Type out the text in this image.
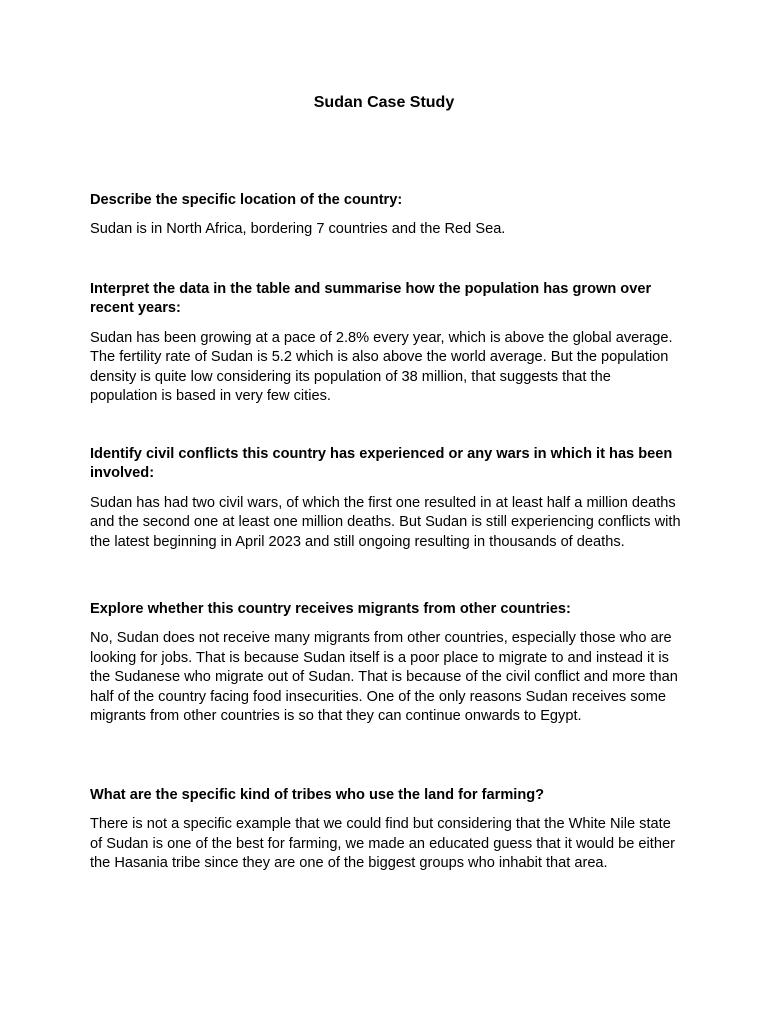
Sudan Case Study

Describe the specific location of the country:

Sudan is in North Africa, bordering 7 countries and the Red Sea.

Interpret the data in the table and summarise how the population has grown over recent years:

Sudan has been growing at a pace of 2.8% every year, which is above the global average. The fertility rate of Sudan is 5.2 which is also above the world average. But the population density is quite low considering its population of 38 million, that suggests that the population is based in very few cities.

Identify civil conflicts this country has experienced or any wars in which it has been involved:

Sudan has had two civil wars, of which the first one resulted in at least half a million deaths and the second one at least one million deaths. But Sudan is still experiencing conflicts with the latest beginning in April 2023 and still ongoing resulting in thousands of deaths.

Explore whether this country receives migrants from other countries:

No, Sudan does not receive many migrants from other countries, especially those who are looking for jobs. That is because Sudan itself is a poor place to migrate to and instead it is the Sudanese who migrate out of Sudan. That is because of the civil conflict and more than half of the country facing food insecurities. One of the only reasons Sudan receives some migrants from other countries is so that they can continue onwards to Egypt.

What are the specific kind of tribes who use the land for farming?

There is not a specific example that we could find but considering that the White Nile state of Sudan is one of the best for farming, we made an educated guess that it would be either the Hasania tribe since they are one of the biggest groups who inhabit that area.
